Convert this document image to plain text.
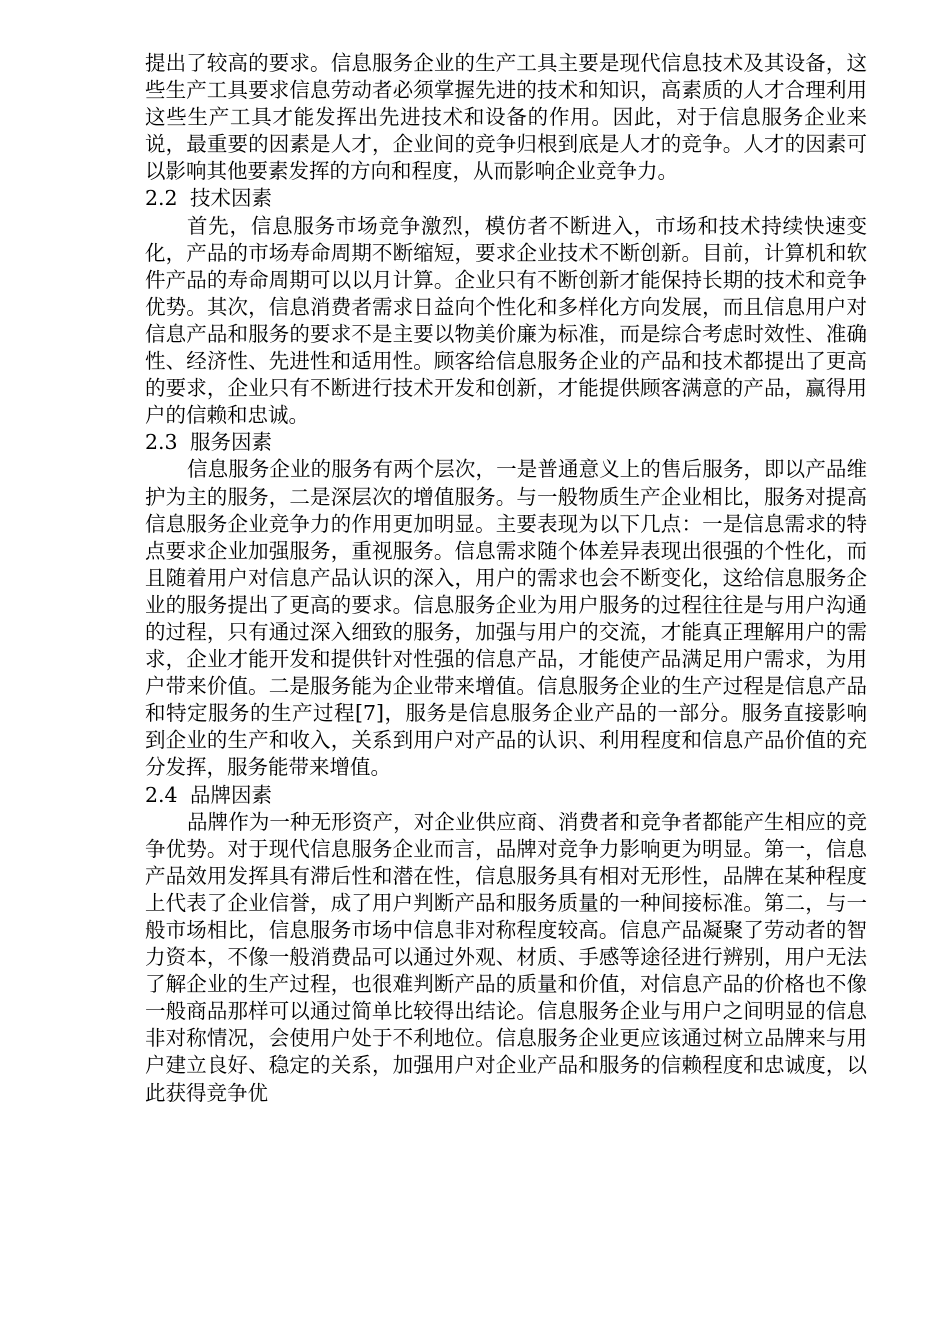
提出了较高的要求。信息服务企业的生产工具主要是现代信息技术及其设备，这些生产工具要求信息劳动者必须掌握先进的技术和知识，高素质的人才合理利用这些生产工具才能发挥出先进技术和设备的作用。因此，对于信息服务企业来说，最重要的因素是人才，企业间的竞争归根到底是人才的竞争。人才的因素可以影响其他要素发挥的方向和程度，从而影响企业竞争力。

2.2 技术因素

首先，信息服务市场竞争激烈，模仿者不断进入，市场和技术持续快速变化，产品的市场寿命周期不断缩短，要求企业技术不断创新。目前，计算机和软件产品的寿命周期可以以月计算。企业只有不断创新才能保持长期的技术和竞争优势。其次，信息消费者需求日益向个性化和多样化方向发展，而且信息用户对信息产品和服务的要求不是主要以物美价廉为标准，而是综合考虑时效性、准确性、经济性、先进性和适用性。顾客给信息服务企业的产品和技术都提出了更高的要求，企业只有不断进行技术开发和创新，才能提供顾客满意的产品，赢得用户的信赖和忠诚。

2.3 服务因素

信息服务企业的服务有两个层次，一是普通意义上的售后服务，即以产品维护为主的服务，二是深层次的增值服务。与一般物质生产企业相比，服务对提高信息服务企业竞争力的作用更加明显。主要表现为以下几点：一是信息需求的特点要求企业加强服务，重视服务。信息需求随个体差异表现出很强的个性化，而且随着用户对信息产品认识的深入，用户的需求也会不断变化，这给信息服务企业的服务提出了更高的要求。信息服务企业为用户服务的过程往往是与用户沟通的过程，只有通过深入细致的服务，加强与用户的交流，才能真正理解用户的需求，企业才能开发和提供针对性强的信息产品，才能使产品满足用户需求，为用户带来价值。二是服务能为企业带来增值。信息服务企业的生产过程是信息产品和特定服务的生产过程[7]，服务是信息服务企业产品的一部分。服务直接影响到企业的生产和收入，关系到用户对产品的认识、利用程度和信息产品价值的充分发挥，服务能带来增值。

2.4 品牌因素

品牌作为一种无形资产，对企业供应商、消费者和竞争者都能产生相应的竞争优势。对于现代信息服务企业而言，品牌对竞争力影响更为明显。第一，信息产品效用发挥具有滞后性和潜在性，信息服务具有相对无形性，品牌在某种程度上代表了企业信誉，成了用户判断产品和服务质量的一种间接标准。第二，与一般市场相比，信息服务市场中信息非对称程度较高。信息产品凝聚了劳动者的智力资本，不像一般消费品可以通过外观、材质、手感等途径进行辨别，用户无法了解企业的生产过程，也很难判断产品的质量和价值，对信息产品的价格也不像一般商品那样可以通过简单比较得出结论。信息服务企业与用户之间明显的信息非对称情况，会使用户处于不利地位。信息服务企业更应该通过树立品牌来与用户建立良好、稳定的关系，加强用户对企业产品和服务的信赖程度和忠诚度，以此获得竞争优
